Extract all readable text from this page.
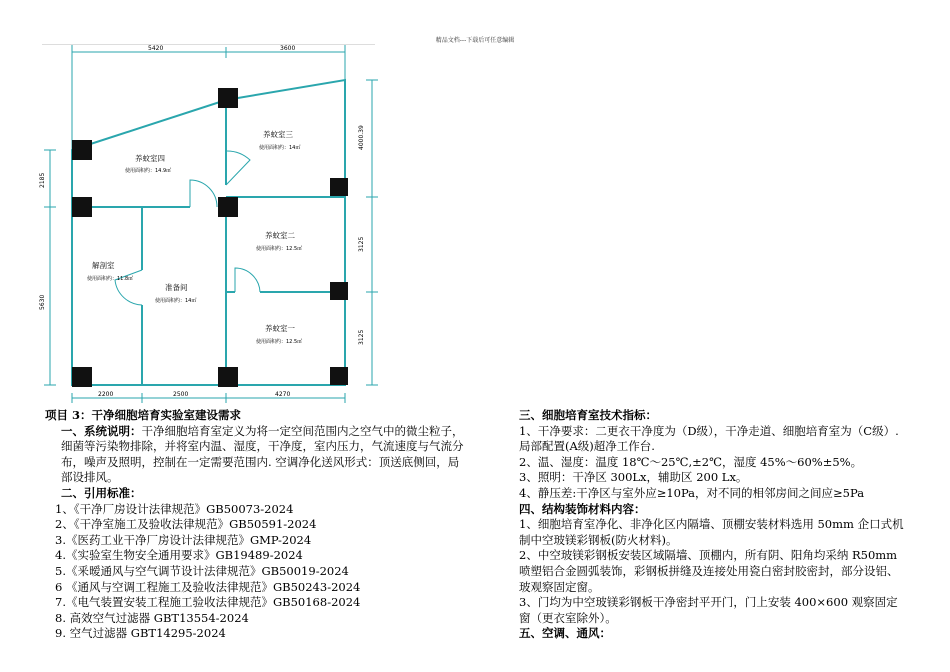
精品文档---下载后可任意编辑
5420	3600
4000.39
3125
3125
2185
5630
2200	2500	4270
养蚊室四
使用面积约：14.9㎡
养蚊室三
使用面积约：14㎡
养蚊室二
使用面积约：12.5㎡
解剖室
使用面积约：11.8㎡
准备间
使用面积约：14㎡
养蚊室一
使用面积约：12.5㎡

项目 3：干净细胞培育实验室建设需求

一、系统说明：干净细胞培育室定义为将一定空间范围内之空气中的微尘粒子，细菌等污染物排除，并将室内温、湿度，干净度，室内压力，气流速度与气流分布，噪声及照明，控制在一定需要范围内. 空调净化送风形式：顶送底侧回，局部设排风。

二、引用标准：

1、《干净厂房设计法律规范》GB50073-2024

2、《干净室施工及验收法律规范》GB50591-2024

3.《医药工业干净厂房设计法律规范》GMP-2024

4.《实验室生物安全通用要求》GB19489-2024

5.《釆暧通风与空气调节设计法律规范》GB50019-2024

6 《通风与空调工程施工及验收法律规范》GB50243-2024

7.《电气装置安装工程施工验收法律规范》GB50168-2024

8. 高效空气过滤器 GBT13554-2024

9. 空气过滤器 GBT14295-2024

三、细胞培育室技术指标：

1、干净要求：二更衣干净度为（D级），干净走道、细胞培育室为（C级）. 局部配置(A级)超净工作台.

2、温、湿度：温度 18℃～25℃,±2℃，湿度 45%～60%±5%。

3、照明：干净区 300Lx，辅助区 200 Lx。

4、静压差:干净区与室外应≥10Pa，对不同的相邻房间之间应≥5Pa

四、结构装饰材料内容：

1、细胞培育室净化、非净化区内隔墙、顶棚安装材料选用 50mm 企口式机制中空玻镁彩钢板(防火材料)。

2、中空玻镁彩钢板安装区域隔墙、顶棚内，所有阴、阳角均采纳 R50mm 喷塑铝合金圆弧装饰，彩钢板拼缝及连接处用瓷白密封胶密封，部分设铝、玻观察固定窗。

3、门均为中空玻镁彩钢板干净密封平开门，门上安装 400×600 观察固定窗（更衣室除外）。

五、空调、通风：
